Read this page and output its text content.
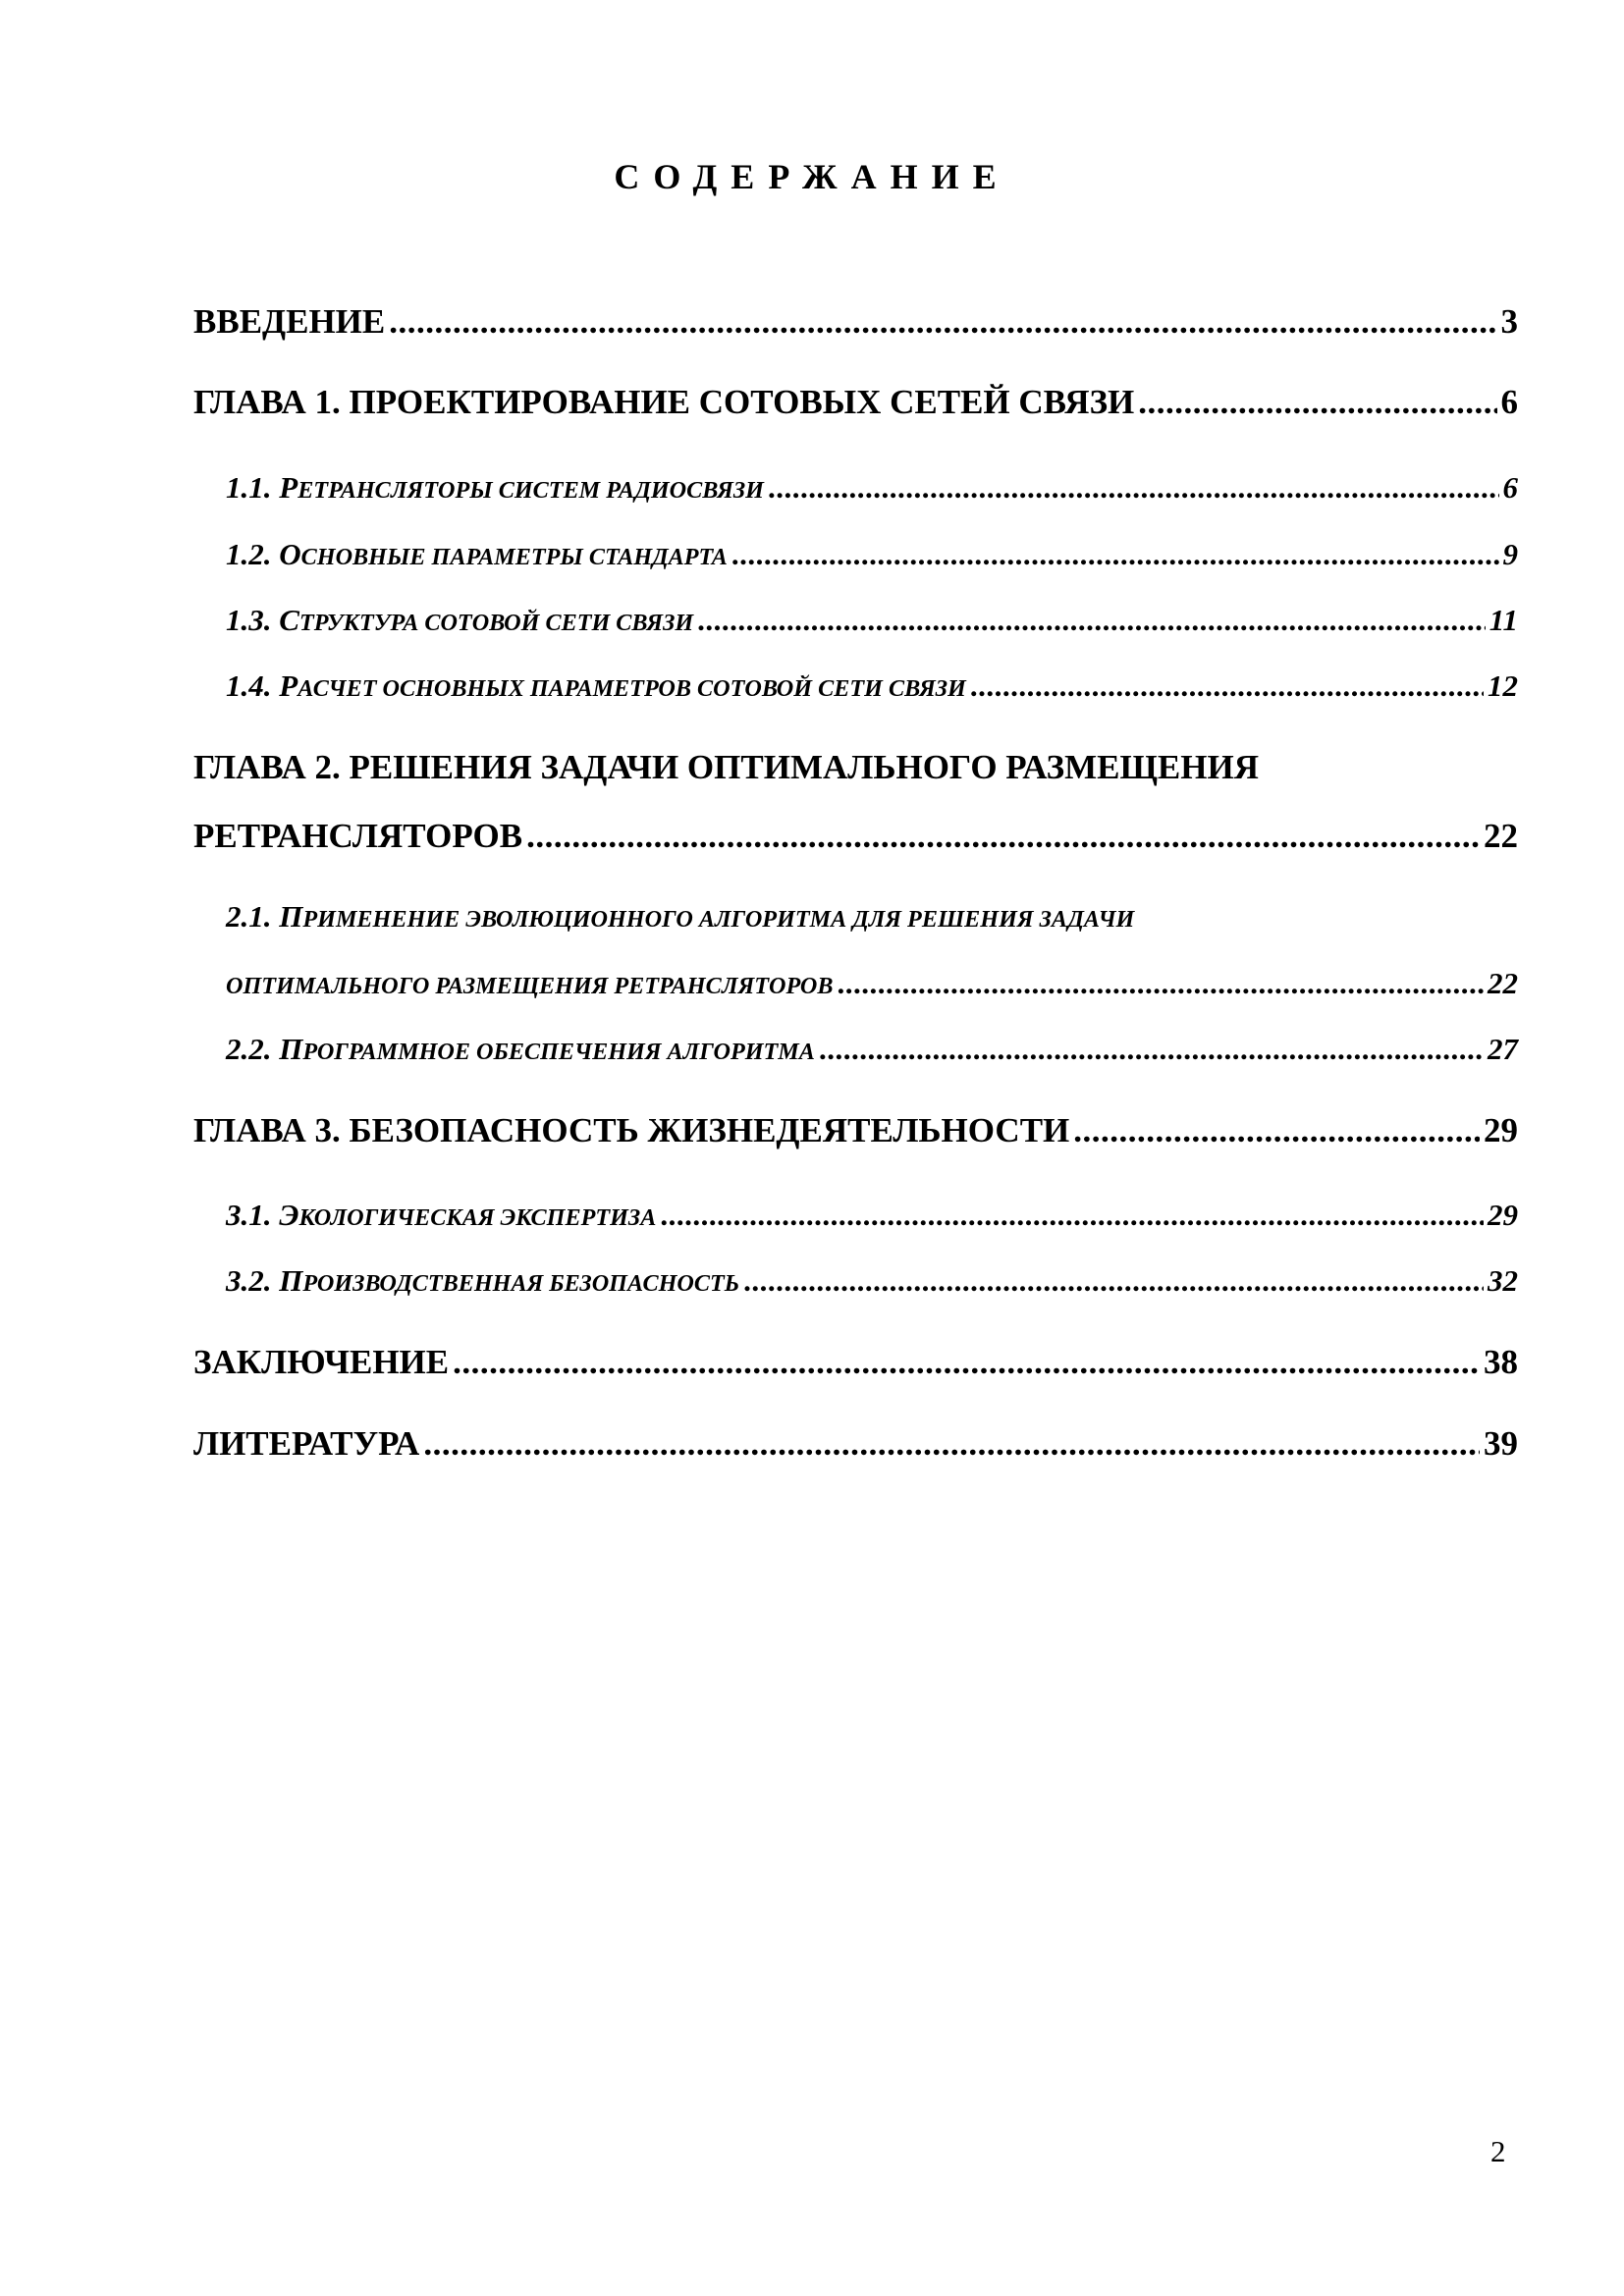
СОДЕРЖАНИЕ
ВВЕДЕНИЕ .....	3
ГЛАВА 1. ПРОЕКТИРОВАНИЕ СОТОВЫХ СЕТЕЙ СВЯЗИ .....	6
1.1. РЕТРАНСЛЯТОРЫ СИСТЕМ РАДИОСВЯЗИ .....	6
1.2. ОСНОВНЫЕ ПАРАМЕТРЫ СТАНДАРТА .....	9
1.3. СТРУКТУРА СОТОВОЙ СЕТИ СВЯЗИ .....	11
1.4. РАСЧЕТ ОСНОВНЫХ ПАРАМЕТРОВ СОТОВОЙ СЕТИ СВЯЗИ .....	12
ГЛАВА 2. РЕШЕНИЯ ЗАДАЧИ ОПТИМАЛЬНОГО РАЗМЕЩЕНИЯ
РЕТРАНСЛЯТОРОВ .....	22
2.1. ПРИМЕНЕНИЕ ЭВОЛЮЦИОННОГО АЛГОРИТМА ДЛЯ РЕШЕНИЯ ЗАДАЧИ
ОПТИМАЛЬНОГО РАЗМЕЩЕНИЯ РЕТРАНСЛЯТОРОВ .....	22
2.2. ПРОГРАММНОЕ ОБЕСПЕЧЕНИЯ АЛГОРИТМА .....	27
ГЛАВА 3. БЕЗОПАСНОСТЬ ЖИЗНЕДЕЯТЕЛЬНОСТИ .....	29
3.1. ЭКОЛОГИЧЕСКАЯ ЭКСПЕРТИЗА .....	29
3.2. ПРОИЗВОДСТВЕННАЯ БЕЗОПАСНОСТЬ .....	32
ЗАКЛЮЧЕНИЕ .....	38
ЛИТЕРАТУРА .....	39
2
